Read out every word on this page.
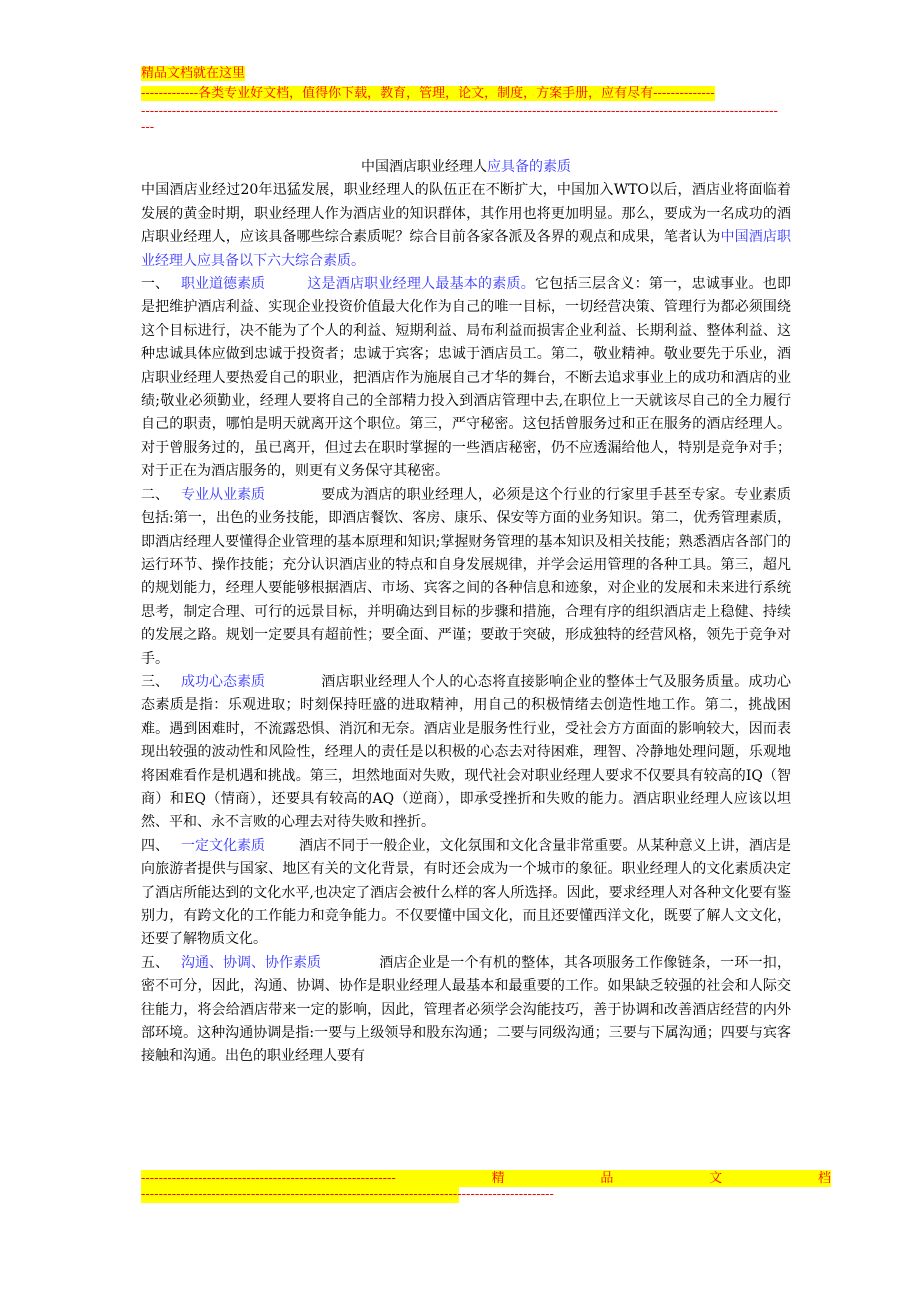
精品文档就在这里
-------------各类专业好文档，值得你下载，教育，管理，论文，制度，方案手册，应有尽有--------------
----------------------------------------------------------------------------------------------------------------------------------------------------

中国酒店职业经理人应具备的素质

中国酒店业经过20年迅猛发展，职业经理人的队伍正在不断扩大，中国加入WTO以后，酒店业将面临着发展的黄金时期，职业经理人作为酒店业的知识群体，其作用也将更加明显。那么，要成为一名成功的酒店职业经理人，应该具备哪些综合素质呢？综合目前各家各派及各界的观点和成果，笔者认为中国酒店职业经理人应具备以下六大综合素质。

一、 职业道德素质	这是酒店职业经理人最基本的素质。它包括三层含义：第一，忠诚事业。也即是把维护酒店利益、实现企业投资价值最大化作为自己的唯一目标，一切经营决策、管理行为都必须围绕这个目标进行，决不能为了个人的利益、短期利益、局布利益而损害企业利益、长期利益、整体利益、这种忠诚具体应做到忠诚于投资者；忠诚于宾客；忠诚于酒店员工。第二，敬业精神。敬业要先于乐业，酒店职业经理人要热爱自己的职业，把酒店作为施展自己才华的舞台，不断去追求事业上的成功和酒店的业绩;敬业必须勤业，经理人要将自己的全部精力投入到酒店管理中去,在职位上一天就该尽自己的全力履行自己的职责，哪怕是明天就离开这个职位。第三，严守秘密。这包括曾服务过和正在服务的酒店经理人。对于曾服务过的，虽已离开，但过去在职时掌握的一些酒店秘密，仍不应透漏给他人，特别是竞争对手；对于正在为酒店服务的，则更有义务保守其秘密。

二、 专业从业素质	要成为酒店的职业经理人，必须是这个行业的行家里手甚至专家。专业素质包括:第一，出色的业务技能，即酒店餐饮、客房、康乐、保安等方面的业务知识。第二，优秀管理素质，即酒店经理人要懂得企业管理的基本原理和知识;掌握财务管理的基本知识及相关技能；熟悉酒店各部门的运行环节、操作技能；充分认识酒店业的特点和自身发展规律，并学会运用管理的各种工具。第三，超凡的规划能力，经理人要能够根据酒店、市场、宾客之间的各种信息和迹象，对企业的发展和未来进行系统思考，制定合理、可行的远景目标，并明确达到目标的步骤和措施，合理有序的组织酒店走上稳健、持续的发展之路。规划一定要具有超前性；要全面、严谨；要敢于突破，形成独特的经营风格，领先于竞争对手。

三、 成功心态素质	酒店职业经理人个人的心态将直接影响企业的整体士气及服务质量。成功心态素质是指：乐观进取；时刻保持旺盛的进取精神，用自己的积极情绪去创造性地工作。第二，挑战困难。遇到困难时，不流露恐惧、消沉和无奈。酒店业是服务性行业，受社会方方面面的影响较大，因而表现出较强的波动性和风险性，经理人的责任是以积极的心态去对待困难，理智、冷静地处理问题，乐观地将困难看作是机遇和挑战。第三，坦然地面对失败，现代社会对职业经理人要求不仅要具有较高的IQ（智商）和EQ（情商），还要具有较高的AQ（逆商），即承受挫折和失败的能力。酒店职业经理人应该以坦然、平和、永不言败的心理去对待失败和挫折。

四、 一定文化素质 酒店不同于一般企业，文化氛围和文化含量非常重要。从某种意义上讲，酒店是向旅游者提供与国家、地区有关的文化背景，有时还会成为一个城市的象征。职业经理人的文化素质决定了酒店所能达到的文化水平,也决定了酒店会被什么样的客人所选择。因此，要求经理人对各种文化要有鉴别力，有跨文化的工作能力和竞争能力。不仅要懂中国文化，而且还要懂西洋文化，既要了解人文文化，还要了解物质文化。

五、 沟通、协调、协作素质	酒店企业是一个有机的整体，其各项服务工作像链条，一环一扣，密不可分，因此，沟通、协调、协作是职业经理人最基本和最重要的工作。如果缺乏较强的社会和人际交往能力，将会给酒店带来一定的影响，因此，管理者必须学会沟能技巧，善于协调和改善酒店经营的内外部环境。这种沟通协调是指:一要与上级领导和股东沟通；二要与同级沟通；三要与下属沟通；四要与宾客接触和沟通。出色的职业经理人要有

----------------------------------------------------------	精	品	文	档
----------------------------------------------------------------------------------------------
